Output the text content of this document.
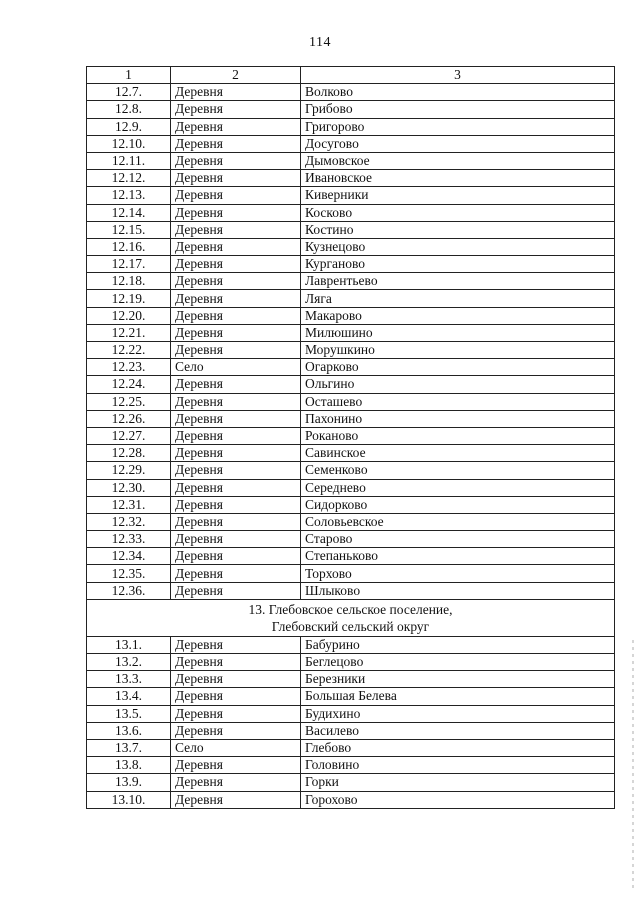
114
1	2	3
12.7.	Деревня	Волково
12.8.	Деревня	Грибово
12.9.	Деревня	Григорово
12.10.	Деревня	Досугово
12.11.	Деревня	Дымовское
12.12.	Деревня	Ивановское
12.13.	Деревня	Киверники
12.14.	Деревня	Косково
12.15.	Деревня	Костино
12.16.	Деревня	Кузнецово
12.17.	Деревня	Курганово
12.18.	Деревня	Лаврентьево
12.19.	Деревня	Ляга
12.20.	Деревня	Макарово
12.21.	Деревня	Милюшино
12.22.	Деревня	Морушкино
12.23.	Село	Огарково
12.24.	Деревня	Ольгино
12.25.	Деревня	Осташево
12.26.	Деревня	Пахонино
12.27.	Деревня	Роканово
12.28.	Деревня	Савинское
12.29.	Деревня	Семенково
12.30.	Деревня	Середнево
12.31.	Деревня	Сидорково
12.32.	Деревня	Соловьевское
12.33.	Деревня	Старово
12.34.	Деревня	Степаньково
12.35.	Деревня	Торхово
12.36.	Деревня	Шлыково

13. Глебовское сельское поселение,
Глебовский сельский округ		

13.1.	Деревня	Бабурино
13.2.	Деревня	Беглецово
13.3.	Деревня	Березники
13.4.	Деревня	Большая Белева
13.5.	Деревня	Будихино
13.6.	Деревня	Василево
13.7.	Село	Глебово
13.8.	Деревня	Головино
13.9.	Деревня	Горки
13.10.	Деревня	Горохово
